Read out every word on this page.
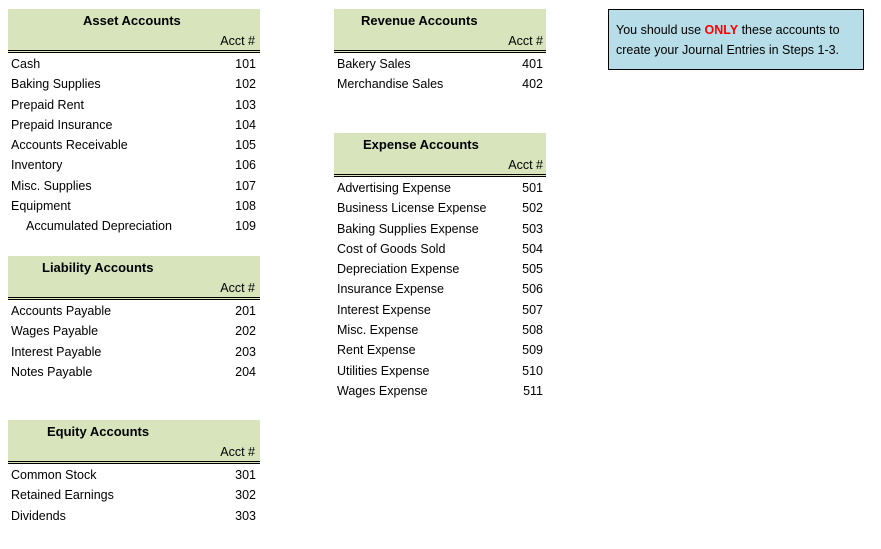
Asset Accounts
Acct #
Cash	101
Baking Supplies	102
Prepaid Rent	103
Prepaid Insurance	104
Accounts Receivable	105
Inventory	106
Misc. Supplies	107
Equipment	108
Accumulated Depreciation	109
Liability Accounts
Acct #
Accounts Payable	201
Wages Payable	202
Interest Payable	203
Notes Payable	204
Equity Accounts
Acct #
Common Stock	301
Retained Earnings	302
Dividends	303
Revenue Accounts
Acct #
Bakery Sales	401
Merchandise Sales	402
Expense Accounts
Acct #
Advertising Expense	501
Business License Expense	502
Baking Supplies Expense	503
Cost of Goods Sold	504
Depreciation Expense	505
Insurance Expense	506
Interest Expense	507
Misc. Expense	508
Rent Expense	509
Utilities Expense	510
Wages Expense	511
You should use ONLY these accounts to create your Journal Entries in Steps 1-3.
